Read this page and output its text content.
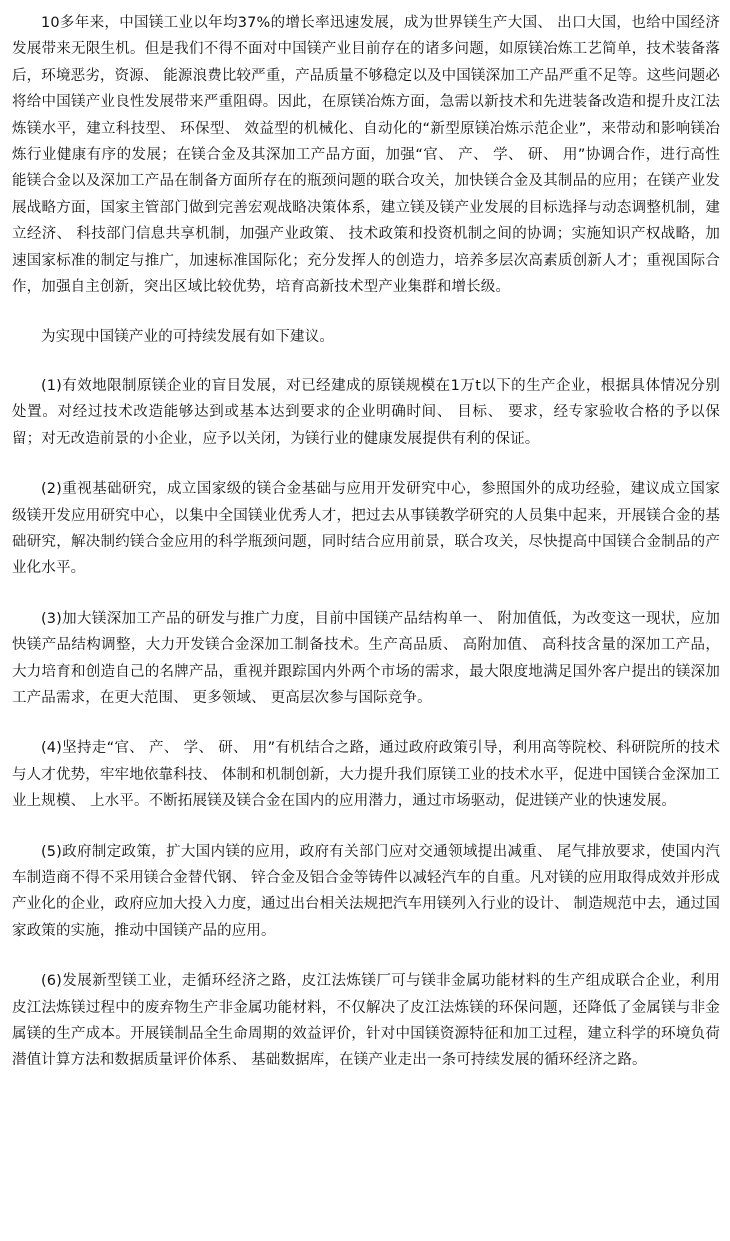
10多年来，中国镁工业以年均37%的增长率迅速发展，成为世界镁生产大国、 出口大国，也给中国经济发展带来无限生机。但是我们不得不面对中国镁产业目前存在的诸多问题，如原镁冶炼工艺简单，技术装备落后，环境恶劣，资源、 能源浪费比较严重，产品质量不够稳定以及中国镁深加工产品严重不足等。这些问题必将给中国镁产业良性发展带来严重阻碍。因此，在原镁冶炼方面，急需以新技术和先进装备改造和提升皮江法炼镁水平，建立科技型、 环保型、 效益型的机械化、自动化的“新型原镁冶炼示范企业”，来带动和影响镁冶炼行业健康有序的发展；在镁合金及其深加工产品方面，加强“官、 产、 学、 研、 用”协调合作，进行高性能镁合金以及深加工产品在制备方面所存在的瓶颈问题的联合攻关，加快镁合金及其制品的应用；在镁产业发展战略方面，国家主管部门做到完善宏观战略决策体系，建立镁及镁产业发展的目标选择与动态调整机制，建立经济、 科技部门信息共享机制，加强产业政策、 技术政策和投资机制之间的协调；实施知识产权战略，加速国家标准的制定与推广，加速标准国际化；充分发挥人的创造力，培养多层次高素质创新人才；重视国际合作，加强自主创新，突出区域比较优势，培育高新技术型产业集群和增长级。

为实现中国镁产业的可持续发展有如下建议。

(1)有效地限制原镁企业的盲目发展，对已经建成的原镁规模在1万t以下的生产企业，根据具体情况分别处置。对经过技术改造能够达到或基本达到要求的企业明确时间、 目标、 要求，经专家验收合格的予以保留；对无改造前景的小企业，应予以关闭，为镁行业的健康发展提供有利的保证。

(2)重视基础研究，成立国家级的镁合金基础与应用开发研究中心，参照国外的成功经验，建议成立国家级镁开发应用研究中心，以集中全国镁业优秀人才，把过去从事镁教学研究的人员集中起来，开展镁合金的基础研究，解决制约镁合金应用的科学瓶颈问题，同时结合应用前景，联合攻关，尽快提高中国镁合金制品的产业化水平。

(3)加大镁深加工产品的研发与推广力度，目前中国镁产品结构单一、 附加值低，为改变这一现状，应加快镁产品结构调整，大力开发镁合金深加工制备技术。生产高品质、 高附加值、 高科技含量的深加工产品，大力培育和创造自己的名牌产品，重视并跟踪国内外两个市场的需求，最大限度地满足国外客户提出的镁深加工产品需求，在更大范围、 更多领域、 更高层次参与国际竞争。

(4)坚持走“官、 产、 学、 研、 用”有机结合之路，通过政府政策引导，利用高等院校、科研院所的技术与人才优势，牢牢地依靠科技、 体制和机制创新，大力提升我们原镁工业的技术水平，促进中国镁合金深加工业上规模、 上水平。不断拓展镁及镁合金在国内的应用潜力，通过市场驱动，促进镁产业的快速发展。

(5)政府制定政策，扩大国内镁的应用，政府有关部门应对交通领域提出减重、 尾气排放要求，使国内汽车制造商不得不采用镁合金替代钢、 锌合金及铝合金等铸件以减轻汽车的自重。凡对镁的应用取得成效并形成产业化的企业，政府应加大投入力度，通过出台相关法规把汽车用镁列入行业的设计、 制造规范中去，通过国家政策的实施，推动中国镁产品的应用。

(6)发展新型镁工业，走循环经济之路，皮江法炼镁厂可与镁非金属功能材料的生产组成联合企业，利用皮江法炼镁过程中的废弃物生产非金属功能材料，不仅解决了皮江法炼镁的环保问题，还降低了金属镁与非金属镁的生产成本。开展镁制品全生命周期的效益评价，针对中国镁资源特征和加工过程，建立科学的环境负荷潜值计算方法和数据质量评价体系、 基础数据库，在镁产业走出一条可持续发展的循环经济之路。
